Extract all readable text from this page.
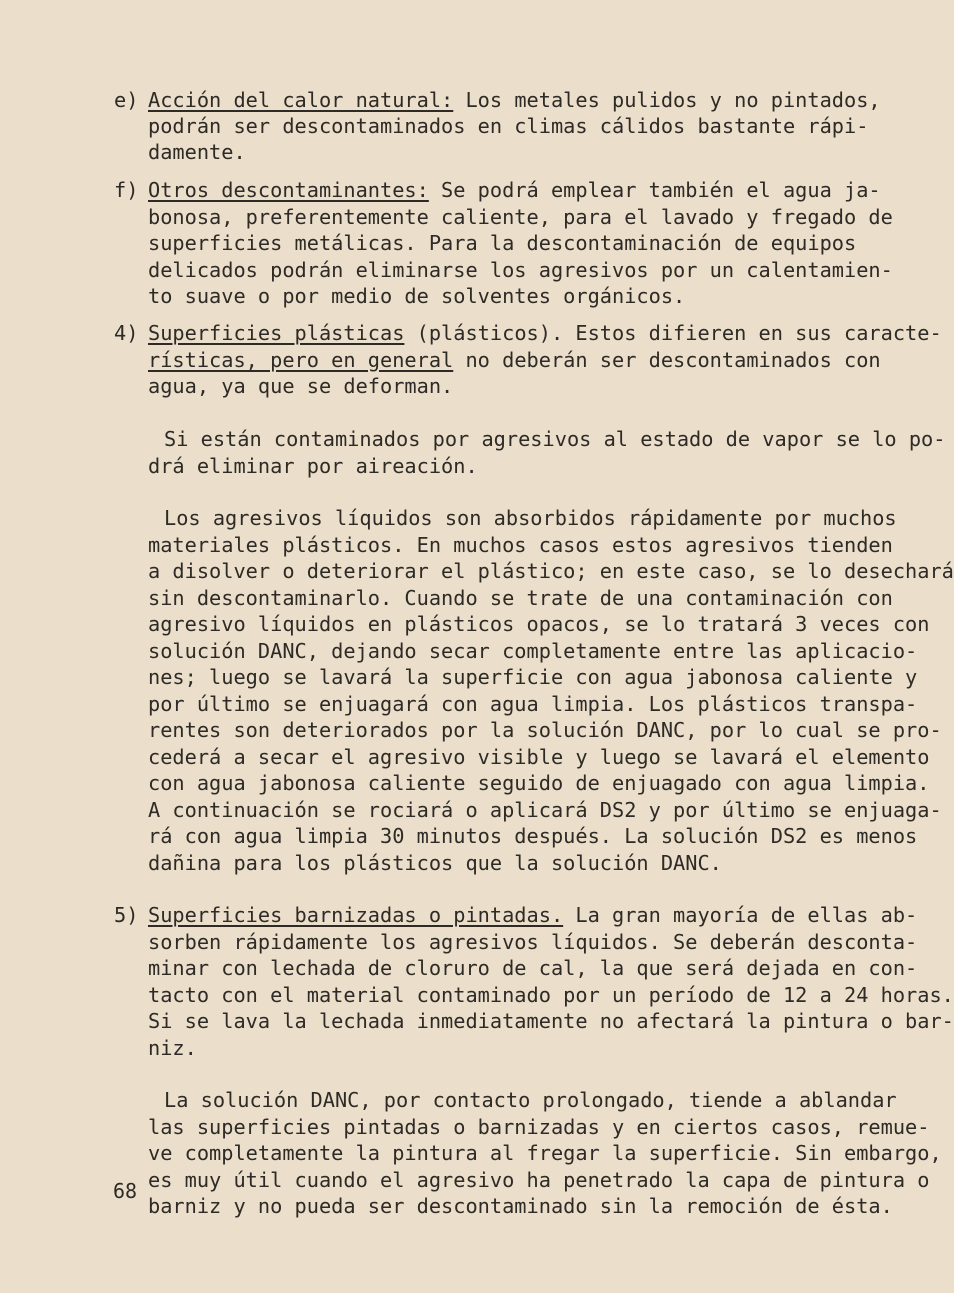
e) Acción del calor natural: Los metales pulidos y no pintados,
podrán ser descontaminados en climas cálidos bastante rápi-
damente.
f) Otros descontaminantes: Se podrá emplear también el agua ja-
bonosa, preferentemente caliente, para el lavado y fregado de
superficies metálicas. Para la descontaminación de equipos
delicados podrán eliminarse los agresivos por un calentamien-
to suave o por medio de solventes orgánicos.
4) Superficies plásticas (plásticos). Estos difieren en sus caracte-
rísticas, pero en general no deberán ser descontaminados con
agua, ya que se deforman.
Si están contaminados por agresivos al estado de vapor se lo po-
drá eliminar por aireación.
Los agresivos líquidos son absorbidos rápidamente por muchos
materiales plásticos. En muchos casos estos agresivos tienden
a disolver o deteriorar el plástico; en este caso, se lo desechará
sin descontaminarlo. Cuando se trate de una contaminación con
agresivo líquidos en plásticos opacos, se lo tratará 3 veces con
solución DANC, dejando secar completamente entre las aplicacio-
nes; luego se lavará la superficie con agua jabonosa caliente y
por último se enjuagará con agua limpia. Los plásticos transpa-
rentes son deteriorados por la solución DANC, por lo cual se pro-
cederá a secar el agresivo visible y luego se lavará el elemento
con agua jabonosa caliente seguido de enjuagado con agua limpia.
A continuación se rociará o aplicará DS2 y por último se enjuaga-
rá con agua limpia 30 minutos después. La solución DS2 es menos
dañina para los plásticos que la solución DANC.
5) Superficies barnizadas o pintadas. La gran mayoría de ellas ab-
sorben rápidamente los agresivos líquidos. Se deberán desconta-
minar con lechada de cloruro de cal, la que será dejada en con-
tacto con el material contaminado por un período de 12 a 24 horas.
Si se lava la lechada inmediatamente no afectará la pintura o bar-
niz.
La solución DANC, por contacto prolongado, tiende a ablandar
las superficies pintadas o barnizadas y en ciertos casos, remue-
ve completamente la pintura al fregar la superficie. Sin embargo,
es muy útil cuando el agresivo ha penetrado la capa de pintura o
barniz y no pueda ser descontaminado sin la remoción de ésta.
68
